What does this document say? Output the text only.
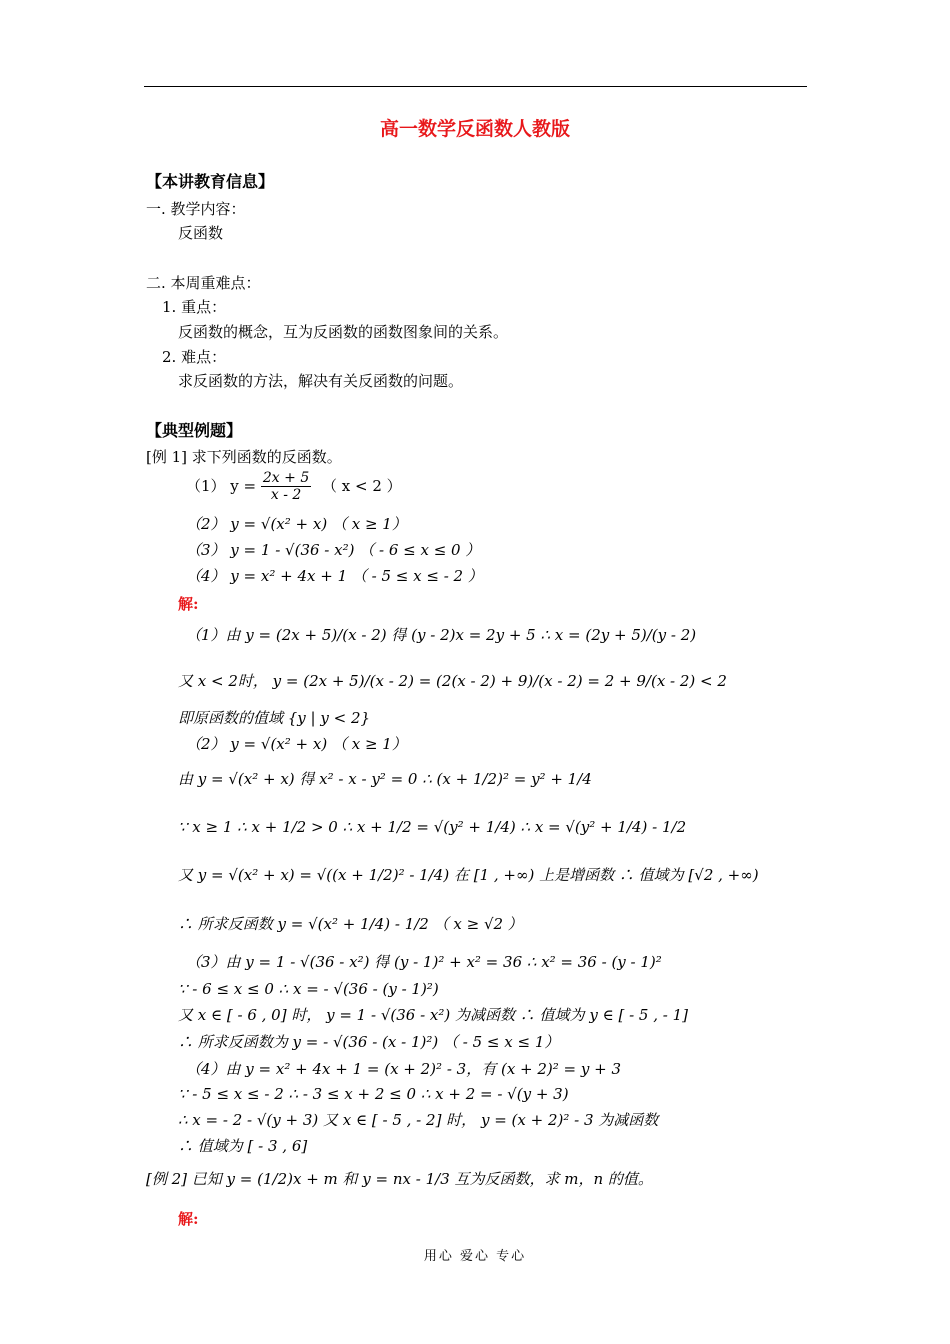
高一数学反函数人教版
【本讲教育信息】
一. 教学内容：
反函数
二. 本周重难点：
1. 重点：
反函数的概念，互为反函数的函数图象间的关系。
2. 难点：
求反函数的方法，解决有关反函数的问题。
【典型例题】
[例 1] 求下列函数的反函数。
（1） $y = \frac{2x + 5}{x - 2}$ （ x < 2 ）
（2） y = √(x² + x) （ x ≥ 1）
（3） y = 1 - √(36 - x²) （ - 6 ≤ x ≤ 0 ）
（4） y = x² + 4x + 1 （ - 5 ≤ x ≤ - 2 ）
解:
（1）由 y = (2x + 5)/(x - 2) 得 (y - 2)x = 2y + 5 ∴ x = (2y + 5)/(y - 2)
又 x < 2时， y = (2x + 5)/(x - 2) = (2(x - 2) + 9)/(x - 2) = 2 + 9/(x - 2) < 2
即原函数的值域 {y | y < 2}
（2） y = √(x² + x) （ x ≥ 1）
由 y = √(x² + x) 得 x² - x - y² = 0 ∴ (x + 1/2)² = y² + 1/4
∵ x ≥ 1 ∴ x + 1/2 > 0 ∴ x + 1/2 = √(y² + 1/4) ∴ x = √(y² + 1/4) - 1/2
又 y = √(x² + x) = √((x + 1/2)² - 1/4) 在 [1 , +∞) 上是增函数 ∴ 值域为 [√2 , +∞)
∴ 所求反函数 y = √(x² + 1/4) - 1/2 （ x ≥ √2 ）
（3）由 y = 1 - √(36 - x²) 得 (y - 1)² + x² = 36 ∴ x² = 36 - (y - 1)²
∵ - 6 ≤ x ≤ 0 ∴ x = - √(36 - (y - 1)²)
又 x ∈ [ - 6 , 0] 时， y = 1 - √(36 - x²) 为减函数 ∴ 值域为 y ∈ [ - 5 , - 1]
∴ 所求反函数为 y = - √(36 - (x - 1)²) （ - 5 ≤ x ≤ 1）
（4）由 y = x² + 4x + 1 = (x + 2)² - 3，有 (x + 2)² = y + 3
∵ - 5 ≤ x ≤ - 2 ∴ - 3 ≤ x + 2 ≤ 0 ∴ x + 2 = - √(y + 3)
∴ x = - 2 - √(y + 3) 又 x ∈ [ - 5 , - 2] 时， y = (x + 2)² - 3 为减函数
∴ 值域为 [ - 3 , 6]
[例 2] 已知 y = (1/2)x + m 和 y = nx - 1/3 互为反函数，求 m，n 的值。
解:
用心 爱心 专心
